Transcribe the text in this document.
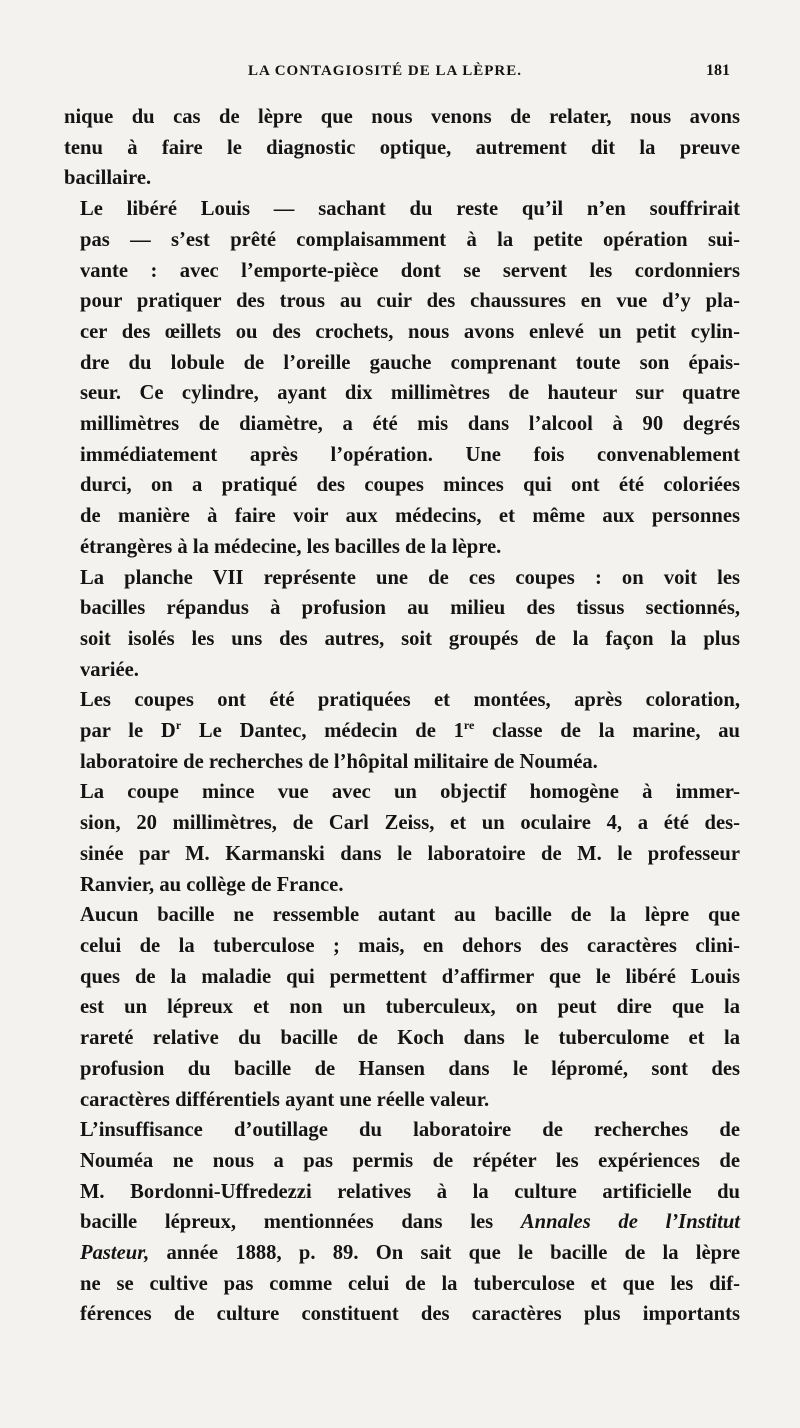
LA CONTAGIOSITÉ DE LA LÈPRE.	181

nique du cas de lèpre que nous venons de relater, nous avons
tenu à faire le diagnostic optique, autrement dit la preuve
bacillaire.

Le libéré Louis — sachant du reste qu’il n’en souffrirait
pas — s’est prêté complaisamment à la petite opération sui-
vante : avec l’emporte-pièce dont se servent les cordonniers
pour pratiquer des trous au cuir des chaussures en vue d’y pla-
cer des œillets ou des crochets, nous avons enlevé un petit cylin-
dre du lobule de l’oreille gauche comprenant toute son épais-
seur. Ce cylindre, ayant dix millimètres de hauteur sur quatre
millimètres de diamètre, a été mis dans l’alcool à 90 degrés
immédiatement après l’opération. Une fois convenablement
durci, on a pratiqué des coupes minces qui ont été coloriées
de manière à faire voir aux médecins, et même aux personnes
étrangères à la médecine, les bacilles de la lèpre.

La planche VII représente une de ces coupes : on voit les
bacilles répandus à profusion au milieu des tissus sectionnés,
soit isolés les uns des autres, soit groupés de la façon la plus
variée.

Les coupes ont été pratiquées et montées, après coloration,
par le $D^r$ Le Dantec, médecin de 1re classe de la marine, au
laboratoire de recherches de l’hôpital militaire de Nouméa.

La coupe mince vue avec un objectif homogène à immer-
sion, 20 millimètres, de Carl Zeiss, et un oculaire 4, a été des-
sinée par M. Karmanski dans le laboratoire de M. le professeur
Ranvier, au collège de France.

Aucun bacille ne ressemble autant au bacille de la lèpre que
celui de la tuberculose ; mais, en dehors des caractères clini-
ques de la maladie qui permettent d’affirmer que le libéré Louis
est un lépreux et non un tuberculeux, on peut dire que la
rareté relative du bacille de Koch dans le tuberculome et la
profusion du bacille de Hansen dans le lépromé, sont des
caractères différentiels ayant une réelle valeur.

L’insuffisance d’outillage du laboratoire de recherches de
Nouméa ne nous a pas permis de répéter les expériences de
M. Bordonni-Uffredezzi relatives à la culture artificielle du
bacille lépreux, mentionnées dans les Annales de l’Institut
Pasteur, année 1888, p. 89. On sait que le bacille de la lèpre
ne se cultive pas comme celui de la tuberculose et que les dif-
férences de culture constituent des caractères plus importants
